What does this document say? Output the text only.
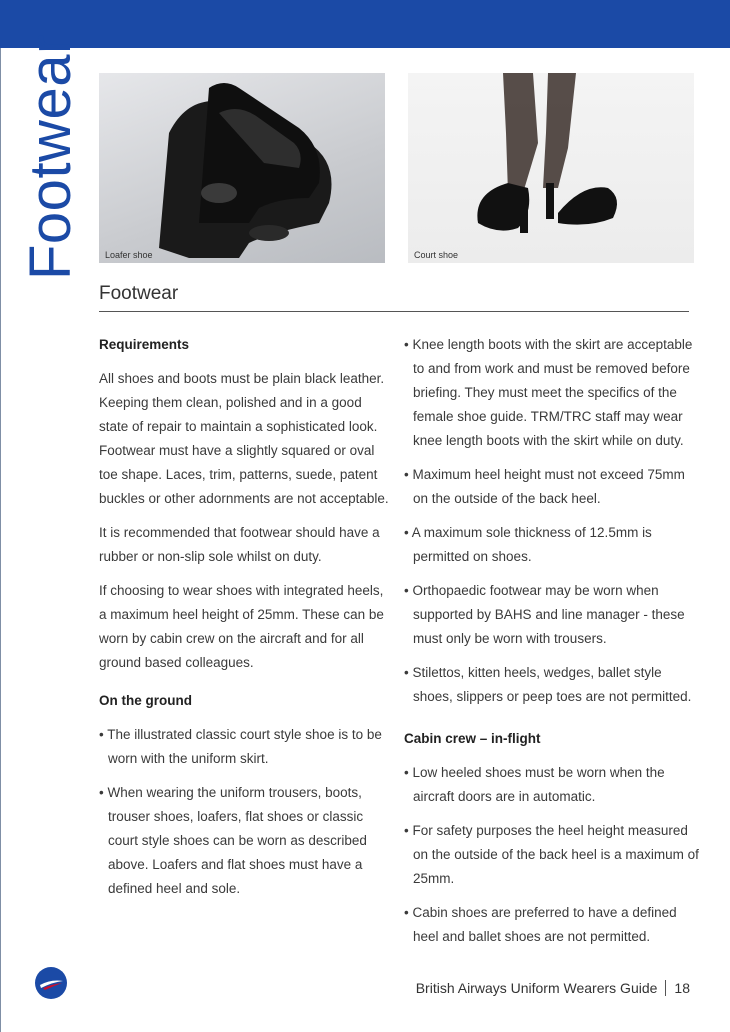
Footwear Loafer shoe	Court shoe
Footwear
Requirements
All shoes and boots must be plain black leather. Keeping them clean, polished and in a good state of repair to maintain a sophisticated look. Footwear must have a slightly squared or oval toe shape. Laces, trim, patterns, suede, patent buckles or other adornments are not acceptable.
It is recommended that footwear should have a rubber or non-slip sole whilst on duty.
If choosing to wear shoes with integrated heels, a maximum heel height of 25mm. These can be worn by cabin crew on the aircraft and for all ground based colleagues.
On the ground
• The illustrated classic court style shoe is to be worn with the uniform skirt.
• When wearing the uniform trousers, boots, trouser shoes, loafers, flat shoes or classic court style shoes can be worn as described above. Loafers and flat shoes must have a defined heel and sole.
• Knee length boots with the skirt are acceptable to and from work and must be removed before briefing. They must meet the specifics of the female shoe guide. TRM/TRC staff may wear knee length boots with the skirt while on duty.
• Maximum heel height must not exceed 75mm on the outside of the back heel.
• A maximum sole thickness of 12.5mm is permitted on shoes.
• Orthopaedic footwear may be worn when supported by BAHS and line manager - these must only be worn with trousers.
• Stilettos, kitten heels, wedges, ballet style shoes, slippers or peep toes are not permitted.
Cabin crew – in-flight
• Low heeled shoes must be worn when the aircraft doors are in automatic.
• For safety purposes the heel height measured on the outside of the back heel is a maximum of 25mm.
• Cabin shoes are preferred to have a defined heel and ballet shoes are not permitted.
British Airways Uniform Wearers Guide 18
